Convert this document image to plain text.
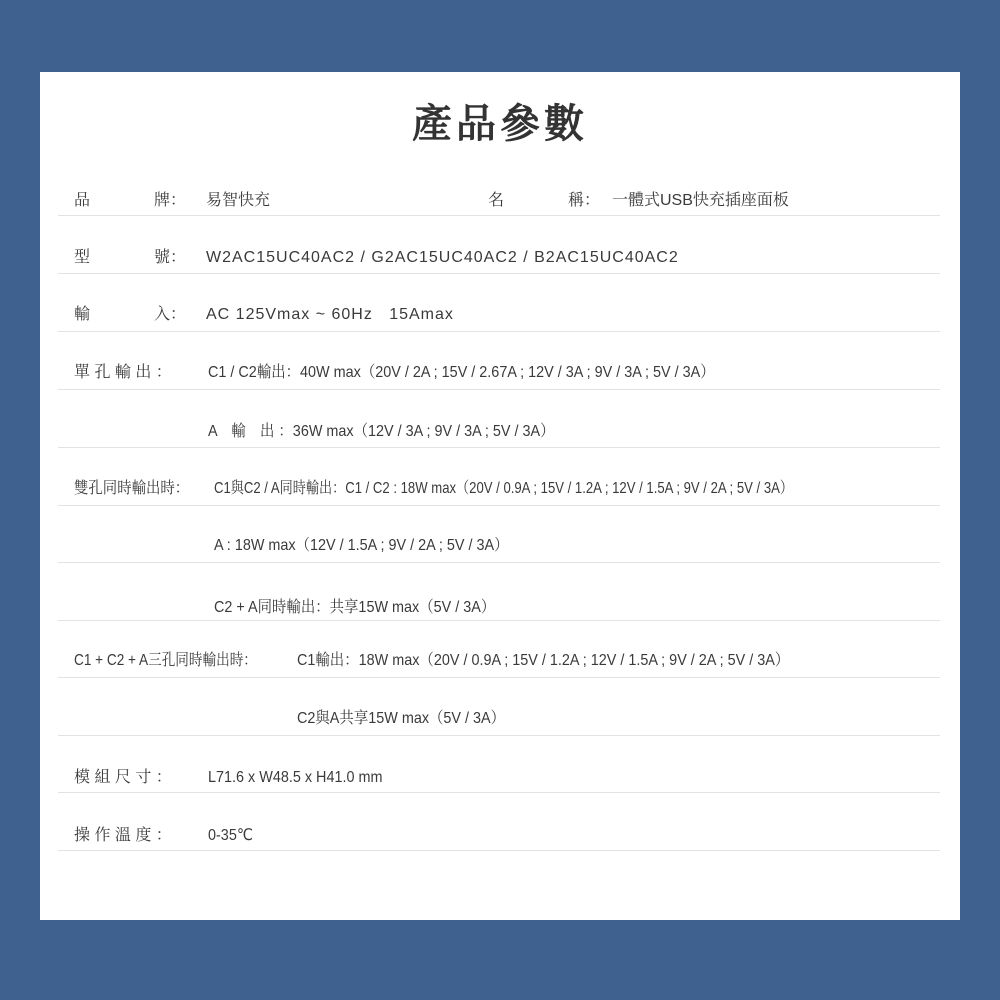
產品參數
品　　　　牌： 易智快充	名　　　　稱： 一體式USB快充插座面板
型　　　　號： W2AC15UC40AC2 / G2AC15UC40AC2 / B2AC15UC40AC2
輸　　　　入： AC 125Vmax ~ 60Hz   15Amax
單 孔 輸 出 ： C1 / C2輸出：40W max（20V / 2A ; 15V / 2.67A ; 12V / 3A ; 9V / 3A ; 5V / 3A）
A　輸　出 ：36W max（12V / 3A ; 9V / 3A ; 5V / 3A）
雙孔同時輸出時： C1與C2 / A同時輸出：C1 / C2 : 18W max（20V / 0.9A ; 15V / 1.2A ; 12V / 1.5A ; 9V / 2A ; 5V / 3A）
A : 18W max（12V / 1.5A ; 9V / 2A ; 5V / 3A）
C2 + A同時輸出：共享15W max（5V / 3A）
C1 + C2 + A三孔同時輸出時：	C1輸出：18W max（20V / 0.9A ; 15V / 1.2A ; 12V / 1.5A ; 9V / 2A ; 5V / 3A）
C2與A共享15W max（5V / 3A）
模 組 尺 寸 ： L71.6 x W48.5 x H41.0 mm
操 作 溫 度 ： 0-35℃
